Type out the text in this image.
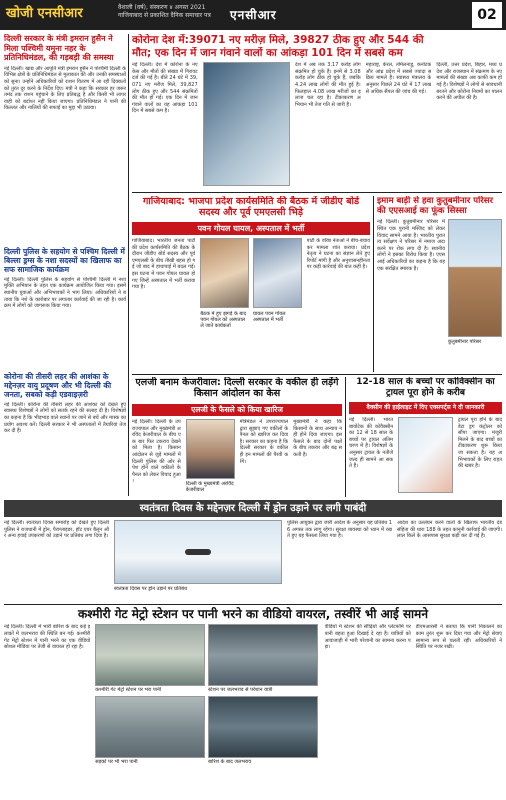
खोजी एनसीआर	वैशाली (वर्ष), संस्करण ४ अगस्त 2021
गाजियाबाद से प्रकाशित दैनिक समाचार पत्र एनसीआर	02
दिल्ली सरकार के मंत्री इमरान हुसैन ने मिला पश्चिमी यमुना नहर के प्रतिनिधिमंडल, की गड़बड़ी की समस्या
नई दिल्ली। खाद्य और आपूर्ति मंत्री इमरान हुसैन ने पश्चिमी दिल्ली के विभिन्न क्षेत्रों के प्रतिनिधिमंडल से मुलाकात की और उनकी समस्याओं को सुना। उन्होंने अधिकारियों को राशन वितरण में आ रही दिक्कतों को तुरंत दूर करने के निर्देश दिए। मंत्री ने कहा कि सरकार हर जरूरतमंद तक राशन पहुंचाने के लिए प्रतिबद्ध है और किसी भी लापरवाही को बर्दाश्त नहीं किया जाएगा। प्रतिनिधिमंडल ने पानी की किल्लत और नालियों की सफाई का मुद्दा भी उठाया।
दिल्ली पुलिस के सहयोग से पश्चिम दिल्ली में बिल्ला ड्रग्स के नशा सदस्यों का खिलाफ का सफ सामाजिक कार्यक्रम
नई दिल्ली। दिल्ली पुलिस के सहयोग से पश्चिमी दिल्ली में नशा मुक्ति अभियान के तहत एक कार्यक्रम आयोजित किया गया। इसमें स्थानीय युवाओं और अभिभावकों ने भाग लिया। अधिकारियों ने बताया कि नशे के कारोबार पर लगातार कार्रवाई की जा रही है। कार्यक्रम में लोगों को जागरूक किया गया।
कोरोना की तीसरी लहर की आशंका के मद्देनज़र वायु प्रदूषण और भी दिल्ली की जनता, सबको कड़ी एडवाइज़री
नई दिल्ली। कोरोना की तीसरी लहर की आशंका को देखते हुए स्वास्थ्य विशेषज्ञों ने लोगों को सतर्क रहने की सलाह दी है। विशेषज्ञों का कहना है कि भीड़भाड़ वाले स्थानों पर जाने से बचें और मास्क का प्रयोग अवश्य करें। दिल्ली सरकार ने भी अस्पतालों में तैयारियां तेज कर दी हैं।
कोरोना देश में:39071 नए मरीज़ मिले, 39827 ठीक हुए और 544 की
मौत; एक दिन में जान गंवाने वालों का आंकड़ा 101 दिन में सबसे कम
नई दिल्ली। देश में कोरोना के नए केस और मौतों की संख्या में गिरावट दर्ज की गई है। बीते 24 घंटे में 39,071 नए मरीज मिले, 39,827 लोग ठीक हुए और 544 संक्रमितों की मौत हो गई। एक दिन में जान गंवाने वालों का यह आंकड़ा 101 दिन में सबसे कम है।
देश में अब तक 3.17 करोड़ लोग संक्रमित हो चुके हैं। इनमें से 3.08 करोड़ लोग ठीक हो चुके हैं, जबकि 4.24 लाख लोगों की मौत हुई है। फिलहाल 4.08 लाख मरीजों का इलाज चल रहा है। टीकाकरण अभियान भी तेज गति से जारी है।
महाराष्ट्र, केरल, तमिलनाडु, कर्नाटक और आंध्र प्रदेश में सबसे ज्यादा सक्रिय मामले हैं। स्वास्थ्य मंत्रालय के अनुसार पिछले 24 घंटे में 17 लाख से अधिक सैंपल की जांच की गई।
दिल्ली, उत्तर प्रदेश, बिहार, मध्य प्रदेश और राजस्थान में संक्रमण के नए मामलों की संख्या अब काफी कम हो गई है। विशेषज्ञों ने लोगों से सावधानी बरतने और कोरोना नियमों का पालन करने की अपील की है।
गाजियाबाद: भाजपा प्रदेश कार्यसमिति की बैठक में जीडीए बोर्ड सदस्य और पूर्व एमएलसी भिड़े
पवन गोयल घायल, अस्पताल में भर्ती
गाजियाबाद। भारतीय जनता पार्टी की प्रदेश कार्यसमिति की बैठक के दौरान जीडीए बोर्ड सदस्य और पूर्व एमएलसी के बीच तीखी बहस हो गई जो बाद में हाथापाई में बदल गई। इस घटना में पवन गोयल घायल हो गए जिन्हें अस्पताल में भर्ती कराया गया है।
बैठक में हुए झगड़े के बाद पवन गोयल को अस्पताल ले जाते कार्यकर्ता
घायल पवन गोयल अस्पताल में भर्ती
पार्टी के वरिष्ठ नेताओं ने बीच-बचाव कर मामला शांत कराया। प्रदेश नेतृत्व ने घटना का संज्ञान लेते हुए रिपोर्ट मांगी है और अनुशासनहीनता पर कड़ी कार्रवाई की बात कही है।
इमाम बाड़ी से हवा कुतुबमीनार परिसर की एएसआई का फूंक सिस्सा
नई दिल्ली। कुतुबमीनार परिसर में स्थित एक पुरानी मस्जिद को लेकर विवाद सामने आया है। भारतीय पुरातत्व सर्वेक्षण ने परिसर में नमाज अदा करने पर रोक लगा दी है। स्थानीय लोगों ने इसका विरोध किया है। एएसआई अधिकारियों का कहना है कि यह एक संरक्षित स्मारक है।
कुतुबमीनार परिसर
एलजी बनाम केजरीवाल: दिल्ली सरकार के वकील ही लड़ेंगे किसान आंदोलन का केस
एलजी के फैसले को किया खारिज
नई दिल्ली। दिल्ली के उपराज्यपाल और मुख्यमंत्री अरविंद केजरीवाल के बीच एक बार फिर टकराव देखने को मिला है। किसान आंदोलन से जुड़े मामलों में दिल्ली पुलिस की ओर से पेश होने वाले वकीलों के पैनल को लेकर विवाद हुआ।	दिल्ली के मुख्यमंत्री अरविंद केजरीवाल
मंत्रिमंडल ने उपराज्यपाल द्वारा सुझाए गए वकीलों के पैनल को खारिज कर दिया है। सरकार का कहना है कि दिल्ली सरकार के वकील ही इन मामलों की पैरवी करेंगे।
मुख्यमंत्री ने कहा कि किसानों के साथ अन्याय नहीं होने दिया जाएगा। इस फैसले के बाद दोनों पक्षों के बीच तकरार और बढ़ सकती है।
12-18 साल के बच्चों पर कोविक्सीन का ट्रायल पूरा होने के करीब
वैक्सीन की हाईलाइट में दिए एक्सपर्ट्स ने दी जानकारी
नई दिल्ली। भारत बायोटेक की कोवैक्सीन का 12 से 18 साल के बच्चों पर ट्रायल अंतिम चरण में है। विशेषज्ञों के अनुसार ट्रायल के नतीजे जल्द ही सामने आ सकते हैं।
ट्रायल पूरा होने के बाद डेटा ड्रग कंट्रोलर को सौंपा जाएगा। मंजूरी मिलने के बाद बच्चों का टीकाकरण शुरू किया जा सकता है। यह अभिभावकों के लिए राहत की खबर है।
स्वतंत्रता दिवस के मद्देनज़र दिल्ली में ड्रोन उड़ाने पर लगी पाबंदी
नई दिल्ली। स्वतंत्रता दिवस समारोह को देखते हुए दिल्ली पुलिस ने राजधानी में ड्रोन, पैराग्लाइडर, हॉट एयर बैलून और अन्य हवाई उपकरणों को उड़ाने पर प्रतिबंध लगा दिया है।
स्वतंत्रता दिवस पर ड्रोन उड़ाने पर प्रतिबंध
पुलिस आयुक्त द्वारा जारी आदेश के अनुसार यह प्रतिबंध 16 अगस्त तक लागू रहेगा। सुरक्षा व्यवस्था को ध्यान में रखते हुए यह फैसला लिया गया है।
आदेश का उल्लंघन करने वालों के खिलाफ भारतीय दंड संहिता की धारा 188 के तहत कानूनी कार्रवाई की जाएगी। लाल किले के आसपास सुरक्षा कड़ी कर दी गई है।
कश्मीरी गेट मेट्रो स्टेशन पर पानी भरने का वीडियो वायरल, तस्वीरें भी आई सामने
नई दिल्ली। दिल्ली में भारी बारिश के बाद कई इलाकों में जलभराव की स्थिति बन गई। कश्मीरी गेट मेट्रो स्टेशन में पानी भरने का एक वीडियो सोशल मीडिया पर तेजी से वायरल हो रहा है।
कश्मीरी गेट मेट्रो स्टेशन पर भरा पानी	स्टेशन पर जलभराव से परेशान यात्री
सड़कों पर भी भरा पानी	बारिश के बाद जलभराव
वीडियो में स्टेशन की सीढ़ियों और प्लेटफॉर्म पर पानी बहता हुआ दिखाई दे रहा है। यात्रियों को आवाजाही में भारी परेशानी का सामना करना पड़ा।
डीएमआरसी ने बताया कि पानी निकालने का काम तुरंत शुरू कर दिया गया और मेट्रो सेवाएं सामान्य रूप से चलती रहीं। अधिकारियों ने स्थिति पर नजर रखी।
